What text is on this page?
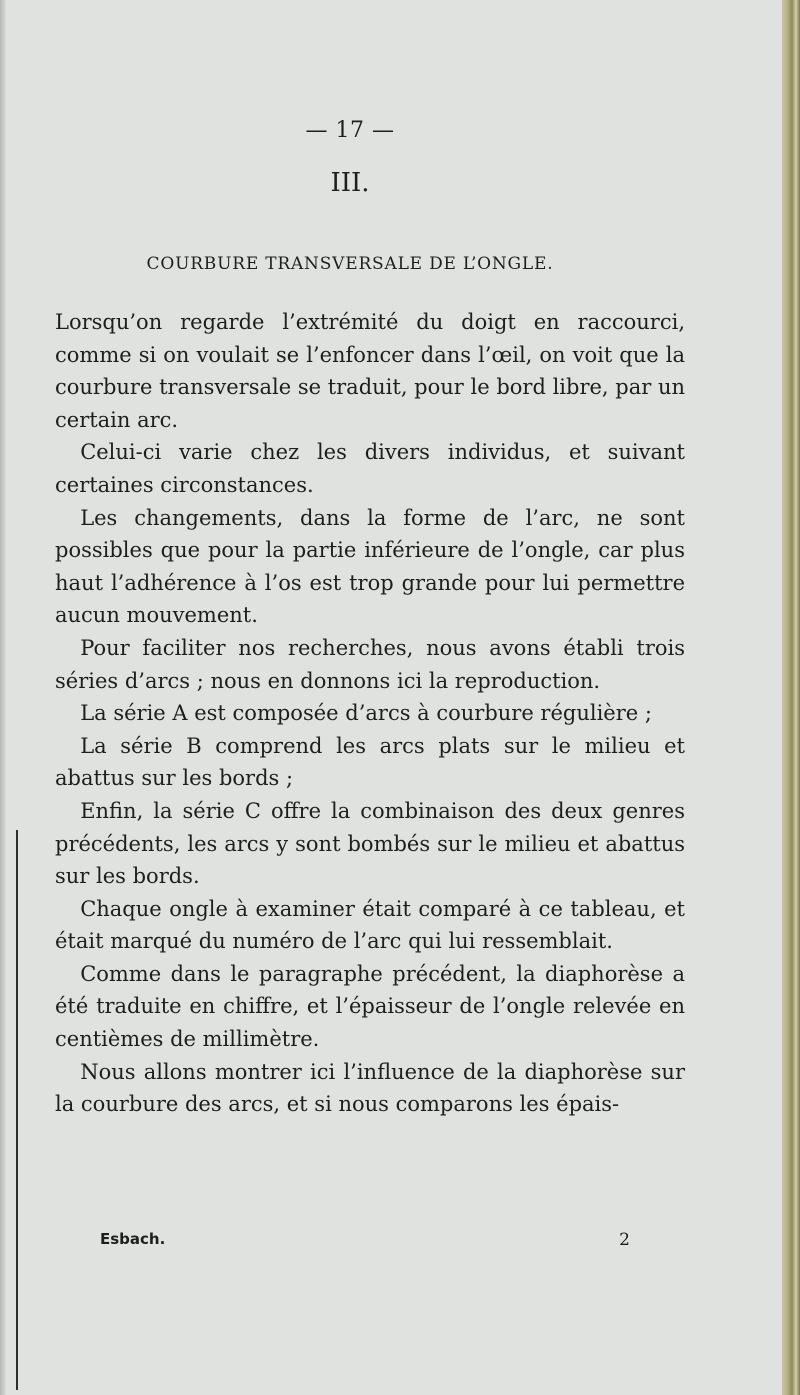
— 17 —
III.
COURBURE TRANSVERSALE DE L’ONGLE.

Lorsqu’on regarde l’extrémité du doigt en raccourci, comme si on voulait se l’enfoncer dans l’œil, on voit que la courbure transversale se traduit, pour le bord libre, par un certain arc.

Celui-ci varie chez les divers individus, et suivant certaines circonstances.

Les changements, dans la forme de l’arc, ne sont possibles que pour la partie inférieure de l’ongle, car plus haut l’adhérence à l’os est trop grande pour lui permettre aucun mouvement.

Pour faciliter nos recherches, nous avons établi trois séries d’arcs ; nous en donnons ici la reproduction.

La série A est composée d’arcs à courbure régulière ;

La série B comprend les arcs plats sur le milieu et abattus sur les bords ;

Enfin, la série C offre la combinaison des deux genres précédents, les arcs y sont bombés sur le milieu et abattus sur les bords.

Chaque ongle à examiner était comparé à ce tableau, et était marqué du numéro de l’arc qui lui ressemblait.

Comme dans le paragraphe précédent, la diaphorèse a été traduite en chiffre, et l’épaisseur de l’ongle relevée en centièmes de millimètre.

Nous allons montrer ici l’influence de la diaphorèse sur la courbure des arcs, et si nous comparons les épais-

Esbach.	2
